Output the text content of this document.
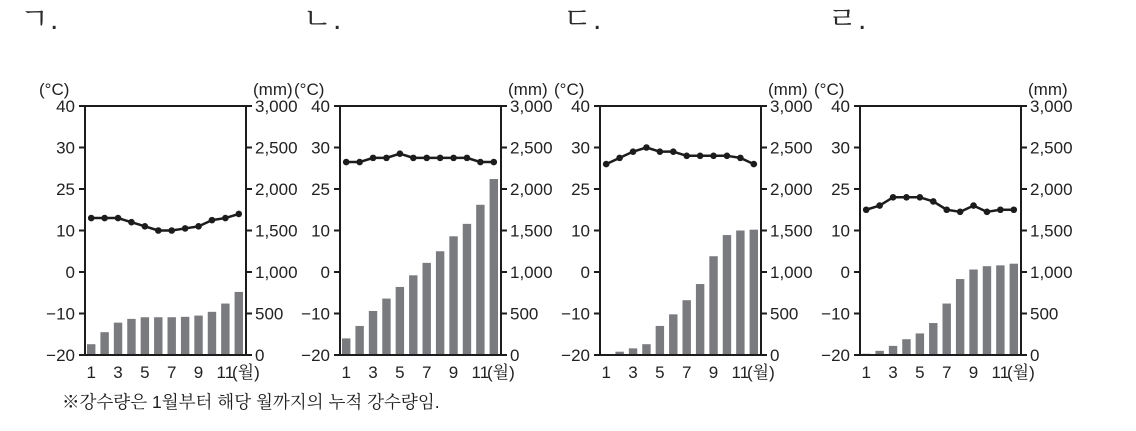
ㄱ.	ㄴ.	ㄷ.	ㄹ.
(°C)	(mm)
40	3,000
30	2,500
25	2,000
10	1,500
0	1,000
−10	500
−20	0
1 3 5 7 9 11
(월)
(°C)	(mm)
40	3,000
30	2,500
25	2,000
10	1,500
0	1,000
−10	500
−20	0
1 3 5 7 9 11
(월)
(°C)	(mm)
40	3,000
30	2,500
25	2,000
10	1,500
0	1,000
−10	500
−20	0
1 3 5 7 9 11
(월)
(°C)	(mm)
40	3,000
30	2,500
25	2,000
10	1,500
0	1,000
−10	500
−20	0
1 3 5 7 9 11
(월)
※강수량은 1월부터 해당 월까지의 누적 강수량임.
